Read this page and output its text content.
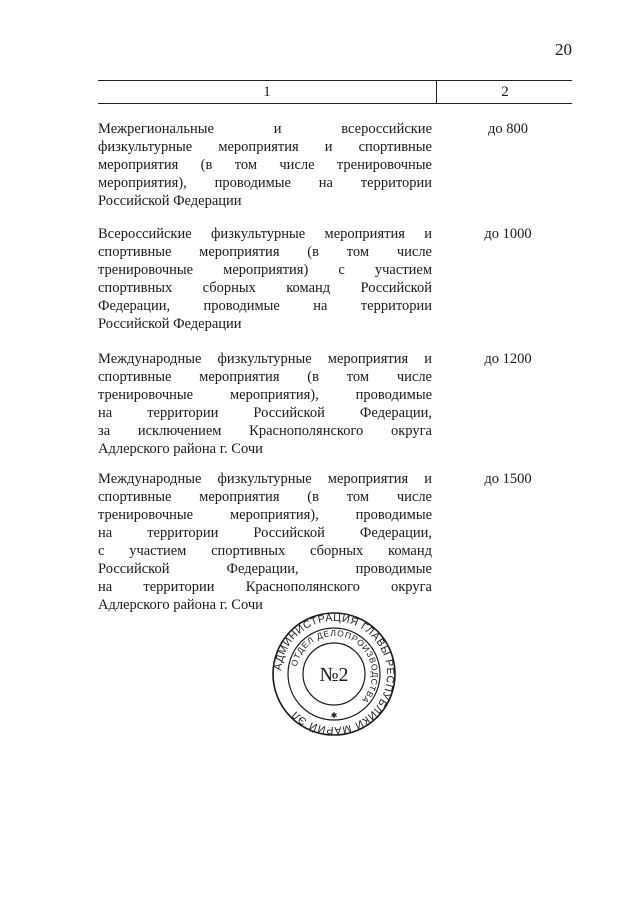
20
1	2
Межрегиональные и всероссийские
физкультурные мероприятия и спортивные
мероприятия (в том числе тренировочные
мероприятия), проводимые на территории
Российской Федерации
до 800
Всероссийские физкультурные мероприятия и
спортивные мероприятия (в том числе
тренировочные мероприятия) с участием
спортивных сборных команд Российской
Федерации, проводимые на территории
Российской Федерации
до 1000
Международные физкультурные мероприятия и
спортивные мероприятия (в том числе
тренировочные мероприятия), проводимые
на территории Российской Федерации,
за исключением Краснополянского округа
Адлерского района г. Сочи
до 1200
Международные физкультурные мероприятия и
спортивные мероприятия (в том числе
тренировочные мероприятия), проводимые
на территории Российской Федерации,
с участием спортивных сборных команд
Российской Федерации, проводимые
на территории Краснополянского округа
Адлерского района г. Сочи
до 1500
АДМИНИСТРАЦИЯ ГЛАВЫ РЕСПУБЛИКИ МАРИЙ ЭЛ
ОТДЕЛ ДЕЛОПРОИЗВОДСТВА
№2
✱
